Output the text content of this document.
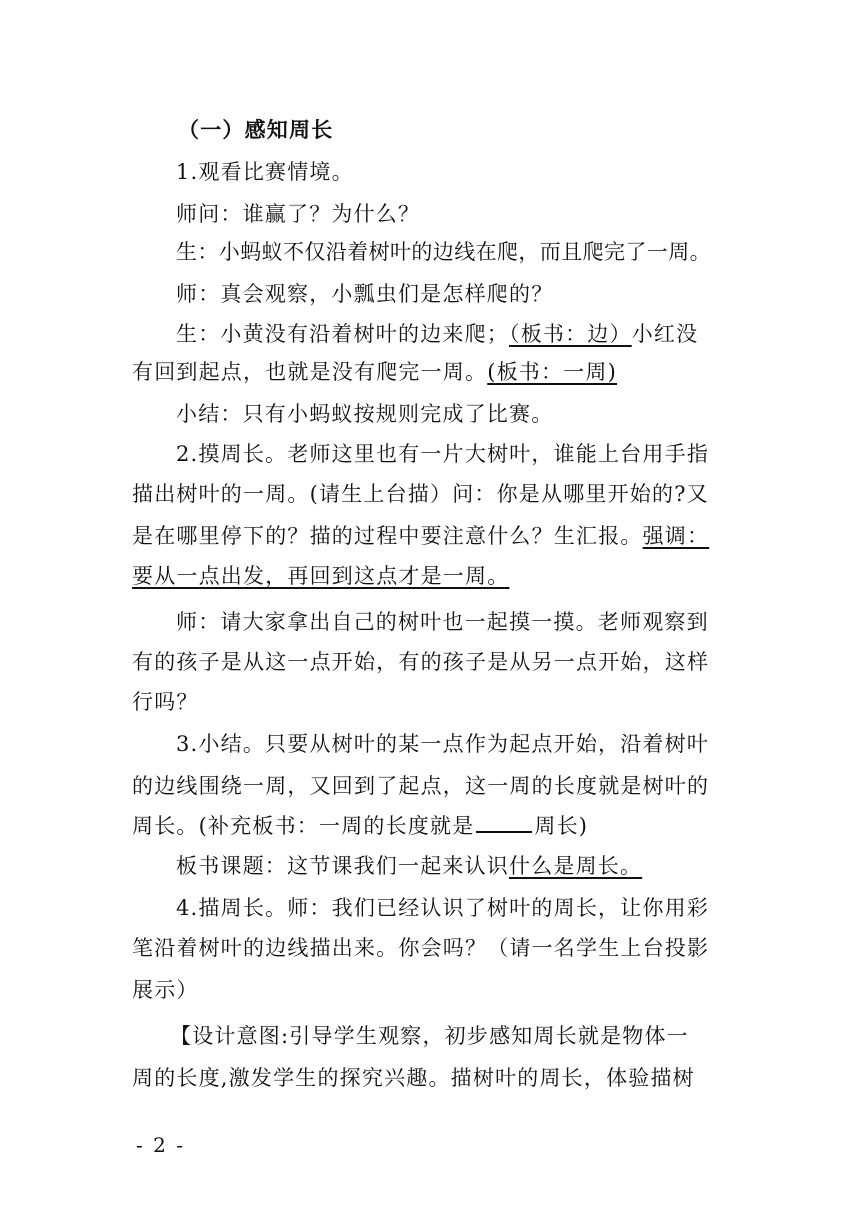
（一）感知周长
1.观看比赛情境。
师问：谁赢了？为什么？
生：小蚂蚁不仅沿着树叶的边线在爬，而且爬完了一周。
师：真会观察，小瓢虫们是怎样爬的？
生：小黄没有沿着树叶的边来爬；（板书：边）小红没
有回到起点，也就是没有爬完一周。(板书：一周)
小结：只有小蚂蚁按规则完成了比赛。
2.摸周长。老师这里也有一片大树叶，谁能上台用手指
描出树叶的一周。(请生上台描）问：你是从哪里开始的?又
是在哪里停下的？描的过程中要注意什么？生汇报。强调：
要从一点出发，再回到这点才是一周。
师：请大家拿出自己的树叶也一起摸一摸。老师观察到
有的孩子是从这一点开始，有的孩子是从另一点开始，这样
行吗？
3.小结。只要从树叶的某一点作为起点开始，沿着树叶
的边线围绕一周，又回到了起点，这一周的长度就是树叶的
周长。(补充板书：一周的长度就是	周长)
板书课题：这节课我们一起来认识什么是周长。
4.描周长。师：我们已经认识了树叶的周长，让你用彩
笔沿着树叶的边线描出来。你会吗？（请一名学生上台投影
展示）
【设计意图:引导学生观察，初步感知周长就是物体一
周的长度,激发学生的探究兴趣。描树叶的周长，体验描树
- 2 -
